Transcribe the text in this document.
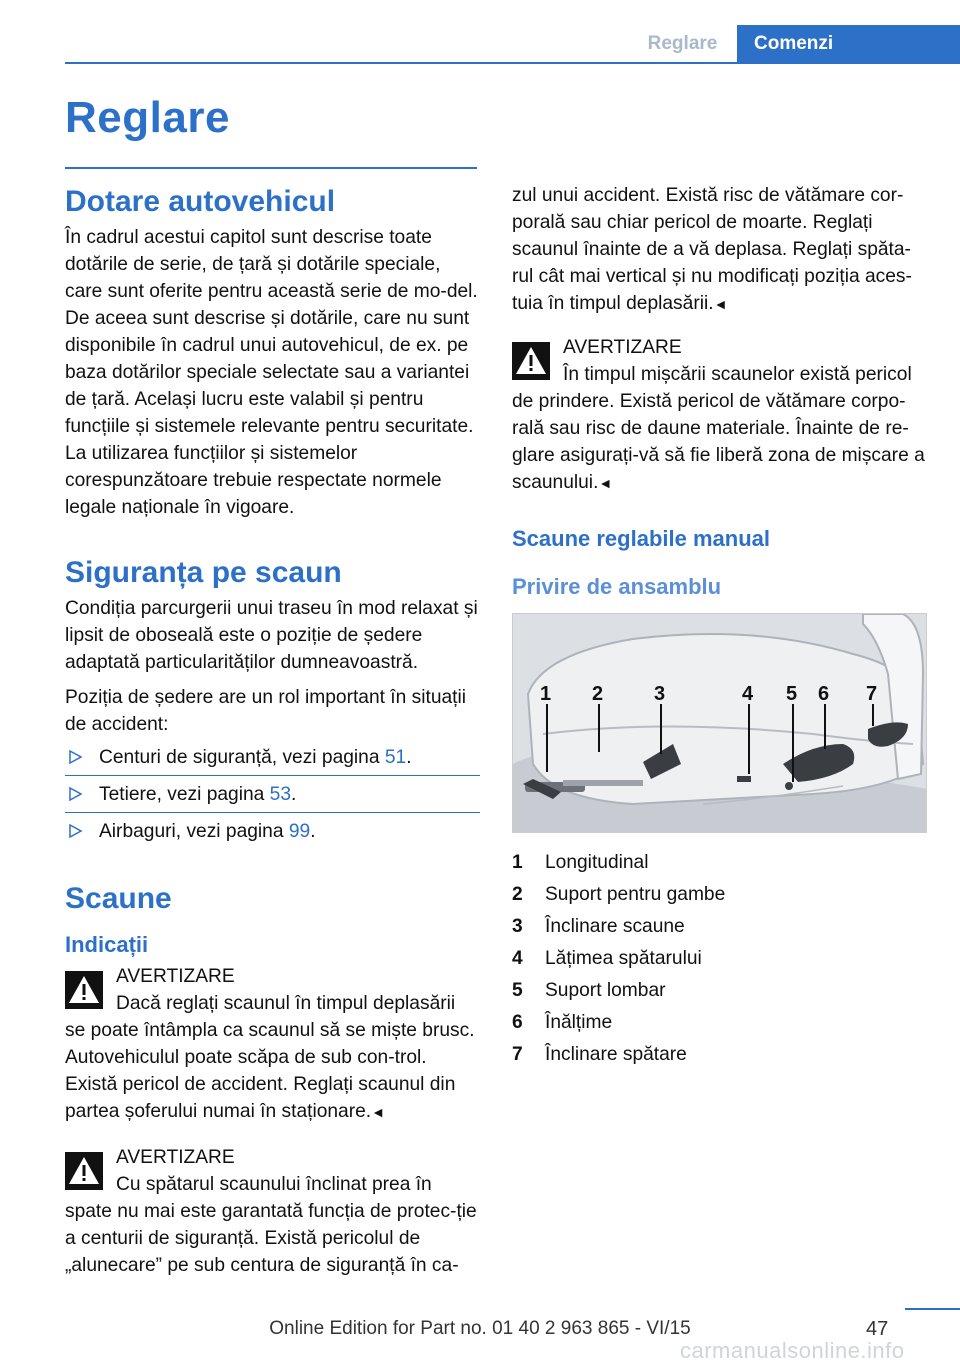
Reglare	Comenzi
Reglare
Dotare autovehicul

În cadrul acestui capitol sunt descrise toate dotările de serie, de țară și dotările speciale, care sunt oferite pentru această serie de mo-del. De aceea sunt descrise și dotările, care nu sunt disponibile în cadrul unui autovehicul, de ex. pe baza dotărilor speciale selectate sau a variantei de țară. Același lucru este valabil și pentru funcțiile și sistemele relevante pentru securitate. La utilizarea funcțiilor și sistemelor corespunzătoare trebuie respectate normele legale naționale în vigoare.

Siguranța pe scaun

Condiția parcurgerii unui traseu în mod relaxat și lipsit de oboseală este o poziție de ședere adaptată particularităților dumneavoastră.

Poziția de ședere are un rol important în situații de accident:

Centuri de siguranță, vezi pagina 51.
Tetiere, vezi pagina 53.
Airbaguri, vezi pagina 99.
Scaune
Indicații
AVERTIZARE
Dacă reglați scaunul în timpul deplasării se poate întâmpla ca scaunul să se miște brusc. Autovehiculul poate scăpa de sub con-trol. Există pericol de accident. Reglați scaunul din partea șoferului numai în staționare.◄
AVERTIZARE
Cu spătarul scaunului înclinat prea în spate nu mai este garantată funcția de protec-ție a centurii de siguranță. Există pericolul de „alunecare” pe sub centura de siguranță în ca-

zul unui accident. Există risc de vătămare cor-porală sau chiar pericol de moarte. Reglați scaunul înainte de a vă deplasa. Reglați spăta-rul cât mai vertical și nu modificați poziția aces-tuia în timpul deplasării.◄

AVERTIZARE
În timpul mișcării scaunelor există pericol de prindere. Există pericol de vătămare corpo-rală sau risc de daune materiale. Înainte de re-glare asigurați-vă să fie liberă zona de mișcare a scaunului.◄
Scaune reglabile manual
Privire de ansamblu
1 2	3	4 5 6 7
1	Longitudinal
2	Suport pentru gambe
3	Înclinare scaune
4	Lățimea spătarului
5	Suport lombar
6	Înălțime
7	Înclinare spătare
47
Online Edition for Part no. 01 40 2 963 865 - VI/15
carmanualsonline.info
